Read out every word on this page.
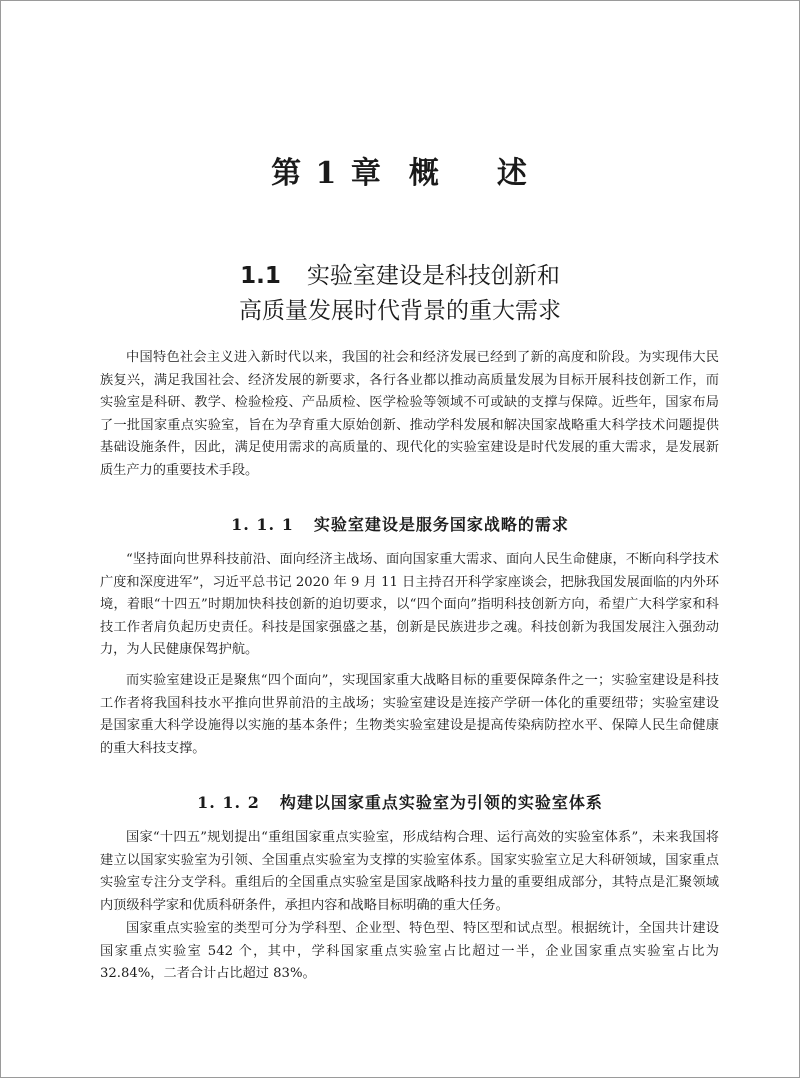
第 1 章 概 述
1.1 实验室建设是科技创新和
高质量发展时代背景的重大需求

中国特色社会主义进入新时代以来，我国的社会和经济发展已经到了新的高度和阶段。为实现伟大民族复兴，满足我国社会、经济发展的新要求，各行各业都以推动高质量发展为目标开展科技创新工作，而实验室是科研、教学、检验检疫、产品质检、医学检验等领域不可或缺的支撑与保障。近些年，国家布局了一批国家重点实验室，旨在为孕育重大原始创新、推动学科发展和解决国家战略重大科学技术问题提供基础设施条件，因此，满足使用需求的高质量的、现代化的实验室建设是时代发展的重大需求，是发展新质生产力的重要技术手段。

1. 1. 1 实验室建设是服务国家战略的需求

“坚持面向世界科技前沿、面向经济主战场、面向国家重大需求、面向人民生命健康，不断向科学技术广度和深度进军”，习近平总书记 2020 年 9 月 11 日主持召开科学家座谈会，把脉我国发展面临的内外环境，着眼“十四五”时期加快科技创新的迫切要求，以“四个面向”指明科技创新方向，希望广大科学家和科技工作者肩负起历史责任。科技是国家强盛之基，创新是民族进步之魂。科技创新为我国发展注入强劲动力，为人民健康保驾护航。

而实验室建设正是聚焦“四个面向”，实现国家重大战略目标的重要保障条件之一；实验室建设是科技工作者将我国科技水平推向世界前沿的主战场；实验室建设是连接产学研一体化的重要纽带；实验室建设是国家重大科学设施得以实施的基本条件；生物类实验室建设是提高传染病防控水平、保障人民生命健康的重大科技支撑。

1. 1. 2 构建以国家重点实验室为引领的实验室体系

国家“十四五”规划提出“重组国家重点实验室，形成结构合理、运行高效的实验室体系”，未来我国将建立以国家实验室为引领、全国重点实验室为支撑的实验室体系。国家实验室立足大科研领域，国家重点实验室专注分支学科。重组后的全国重点实验室是国家战略科技力量的重要组成部分，其特点是汇聚领域内顶级科学家和优质科研条件，承担内容和战略目标明确的重大任务。

国家重点实验室的类型可分为学科型、企业型、特色型、特区型和试点型。根据统计，全国共计建设国家重点实验室 542 个，其中，学科国家重点实验室占比超过一半，企业国家重点实验室占比为 32.84%，二者合计占比超过 83%。
